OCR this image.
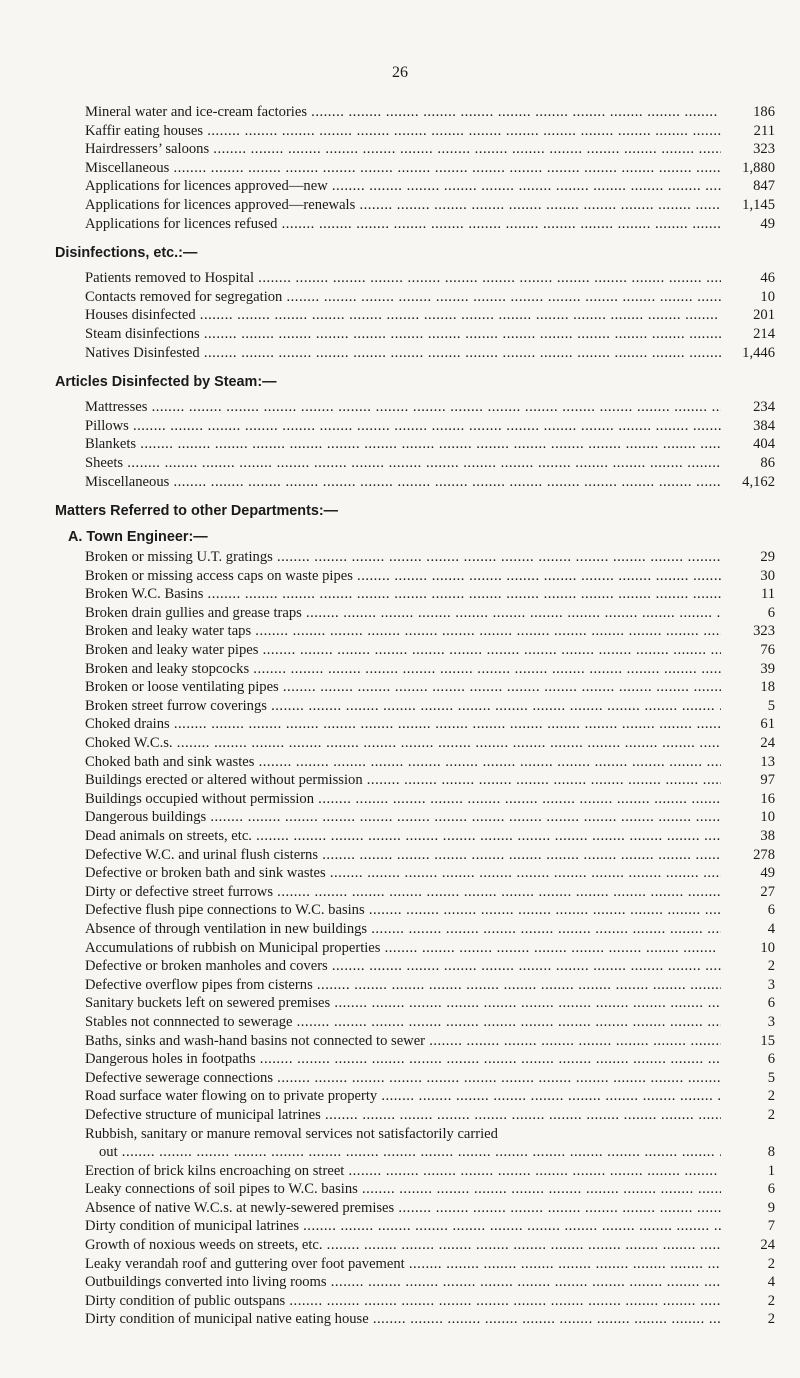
26
Mineral water and ice-cream factories .....	186
Kaffir eating houses .....	211
Hairdressers’ saloons .....	323
Miscellaneous .....	1,880
Applications for licences approved—new .....	847
Applications for licences approved—renewals .....	1,145
Applications for licences refused .....	49
Disinfections, etc.:—
Patients removed to Hospital .....	46
Contacts removed for segregation .....	10
Houses disinfected .....	201
Steam disinfections .....	214
Natives Disinfested .....	1,446
Articles Disinfected by Steam:—
Mattresses .....	234
Pillows .....	384
Blankets .....	404
Sheets .....	86
Miscellaneous .....	4,162
Matters Referred to other Departments:—
A. Town Engineer:—
Broken or missing U.T. gratings .....	29
Broken or missing access caps on waste pipes .....	30
Broken W.C. Basins .....	11
Broken drain gullies and grease traps .....	6
Broken and leaky water taps .....	323
Broken and leaky water pipes .....	76
Broken and leaky stopcocks .....	39
Broken or loose ventilating pipes .....	18
Broken street furrow coverings .....	5
Choked drains .....	61
Choked W.C.s. .....	24
Choked bath and sink wastes .....	13
Buildings erected or altered without permission .....	97
Buildings occupied without permission .....	16
Dangerous buildings .....	10
Dead animals on streets, etc. .....	38
Defective W.C. and urinal flush cisterns .....	278
Defective or broken bath and sink wastes .....	49
Dirty or defective street furrows .....	27
Defective flush pipe connections to W.C. basins .....	6
Absence of through ventilation in new buildings .....	4
Accumulations of rubbish on Municipal properties .....	10
Defective or broken manholes and covers .....	2
Defective overflow pipes from cisterns .....	3
Sanitary buckets left on sewered premises .....	6
Stables not connnected to sewerage .....	3
Baths, sinks and wash-hand basins not connected to sewer .....	15
Dangerous holes in footpaths .....	6
Defective sewerage connections .....	5
Road surface water flowing on to private property .....	2
Defective structure of municipal latrines .....	2
Rubbish, sanitary or manure removal services not satisfactorily carried
out .....	8
Erection of brick kilns encroaching on street .....	1
Leaky connections of soil pipes to W.C. basins .....	6
Absence of native W.C.s. at newly-sewered premises .....	9
Dirty condition of municipal latrines .....	7
Growth of noxious weeds on streets, etc. .....	24
Leaky verandah roof and guttering over foot pavement .....	2
Outbuildings converted into living rooms .....	4
Dirty condition of public outspans .....	2
Dirty condition of municipal native eating house .....	2
